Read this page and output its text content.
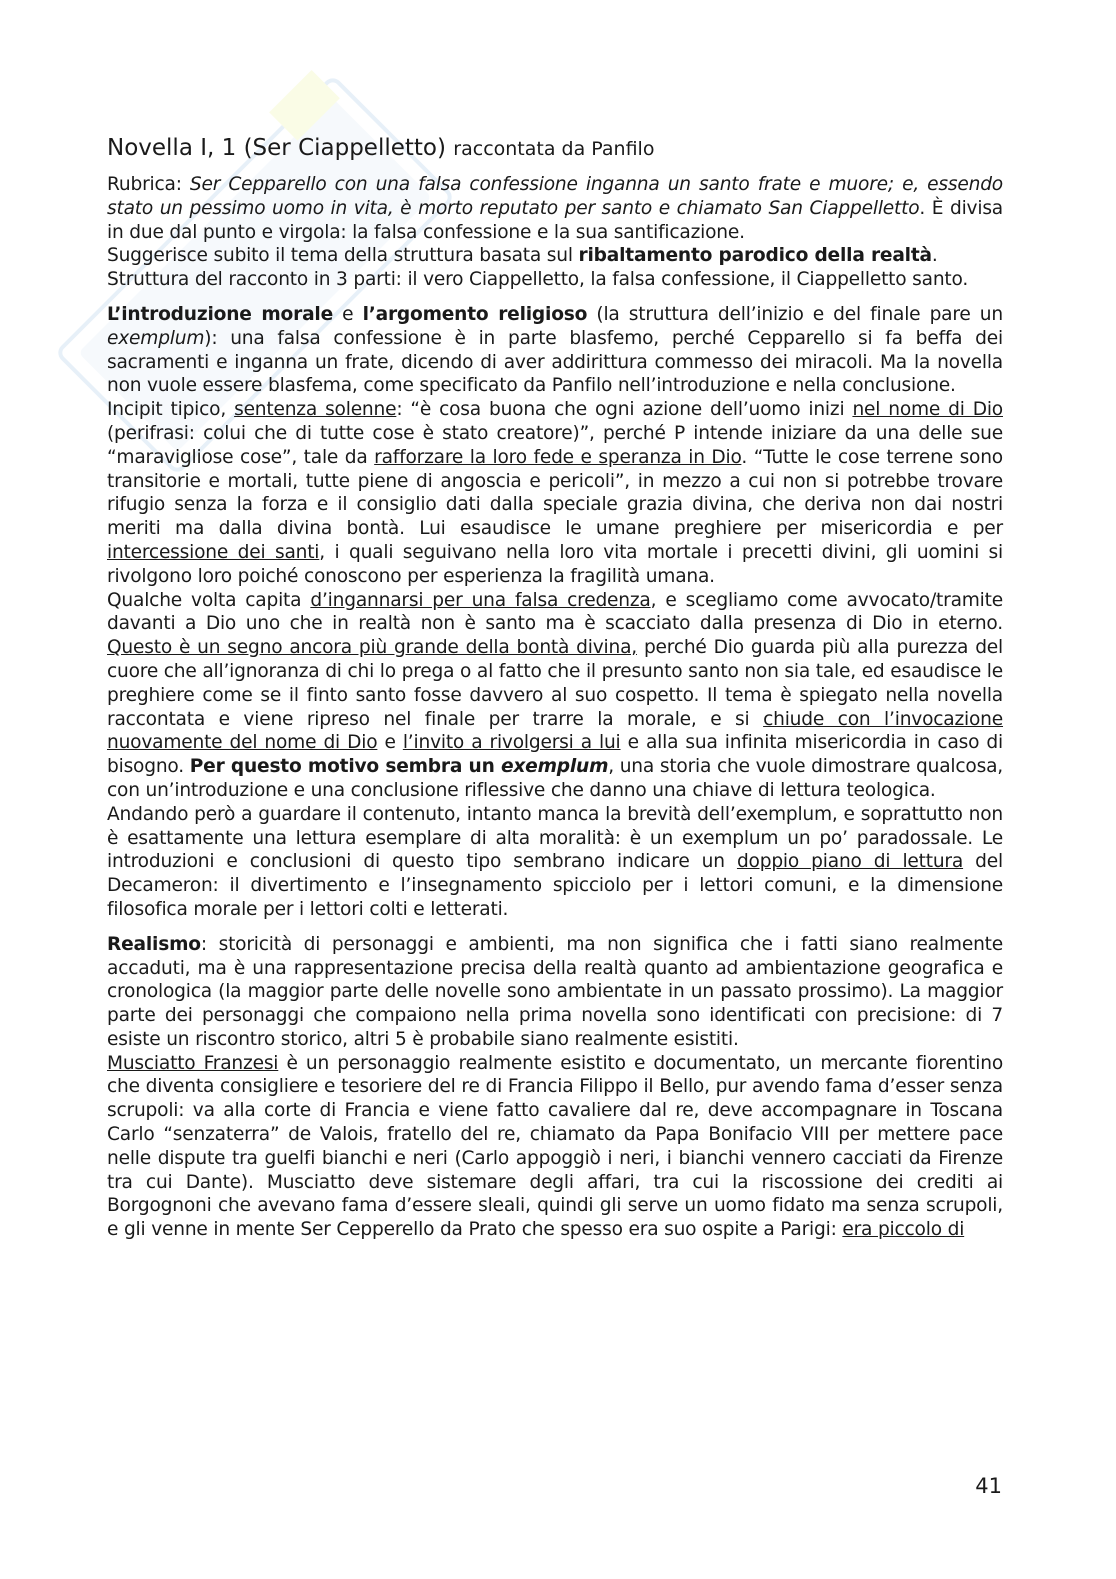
Novella I, 1 (Ser Ciappelletto) raccontata da Panfilo

Rubrica: Ser Cepparello con una falsa confessione inganna un santo frate e muore; e, essendo stato un pessimo uomo in vita, è morto reputato per santo e chiamato San Ciappelletto. È divisa in due dal punto e virgola: la falsa confessione e la sua santificazione.

Suggerisce subito il tema della struttura basata sul ribaltamento parodico della realtà.

Struttura del racconto in 3 parti: il vero Ciappelletto, la falsa confessione, il Ciappelletto santo.

L’introduzione morale e l’argomento religioso (la struttura dell’inizio e del finale pare un exemplum): una falsa confessione è in parte blasfemo, perché Cepparello si fa beffa dei sacramenti e inganna un frate, dicendo di aver addirittura commesso dei miracoli. Ma la novella non vuole essere blasfema, come specificato da Panfilo nell’introduzione e nella conclusione.

Incipit tipico, sentenza solenne: “è cosa buona che ogni azione dell’uomo inizi nel nome di Dio (perifrasi: colui che di tutte cose è stato creatore)”, perché P intende iniziare da una delle sue “maravigliose cose”, tale da rafforzare la loro fede e speranza in Dio. “Tutte le cose terrene sono transitorie e mortali, tutte piene di angoscia e pericoli”, in mezzo a cui non si potrebbe trovare rifugio senza la forza e il consiglio dati dalla speciale grazia divina, che deriva non dai nostri meriti ma dalla divina bontà. Lui esaudisce le umane preghiere per misericordia e per intercessione dei santi, i quali seguivano nella loro vita mortale i precetti divini, gli uomini si rivolgono loro poiché conoscono per esperienza la fragilità umana.

Qualche volta capita d’ingannarsi per una falsa credenza, e scegliamo come avvocato/tramite davanti a Dio uno che in realtà non è santo ma è scacciato dalla presenza di Dio in eterno. Questo è un segno ancora più grande della bontà divina, perché Dio guarda più alla purezza del cuore che all’ignoranza di chi lo prega o al fatto che il presunto santo non sia tale, ed esaudisce le preghiere come se il finto santo fosse davvero al suo cospetto. Il tema è spiegato nella novella raccontata e viene ripreso nel finale per trarre la morale, e si chiude con l’invocazione nuovamente del nome di Dio e l’invito a rivolgersi a lui e alla sua infinita misericordia in caso di bisogno. Per questo motivo sembra un exemplum, una storia che vuole dimostrare qualcosa, con un’introduzione e una conclusione riflessive che danno una chiave di lettura teologica.

Andando però a guardare il contenuto, intanto manca la brevità dell’exemplum, e soprattutto non è esattamente una lettura esemplare di alta moralità: è un exemplum un po’ paradossale. Le introduzioni e conclusioni di questo tipo sembrano indicare un doppio piano di lettura del Decameron: il divertimento e l’insegnamento spicciolo per i lettori comuni, e la dimensione filosofica morale per i lettori colti e letterati.

Realismo: storicità di personaggi e ambienti, ma non significa che i fatti siano realmente accaduti, ma è una rappresentazione precisa della realtà quanto ad ambientazione geografica e cronologica (la maggior parte delle novelle sono ambientate in un passato prossimo). La maggior parte dei personaggi che compaiono nella prima novella sono identificati con precisione: di 7 esiste un riscontro storico, altri 5 è probabile siano realmente esistiti.

Musciatto Franzesi è un personaggio realmente esistito e documentato, un mercante fiorentino che diventa consigliere e tesoriere del re di Francia Filippo il Bello, pur avendo fama d’esser senza scrupoli: va alla corte di Francia e viene fatto cavaliere dal re, deve accompagnare in Toscana Carlo “senzaterra” de Valois, fratello del re, chiamato da Papa Bonifacio VIII per mettere pace nelle dispute tra guelfi bianchi e neri (Carlo appoggiò i neri, i bianchi vennero cacciati da Firenze tra cui Dante). Musciatto deve sistemare degli affari, tra cui la riscossione dei crediti ai Borgognoni che avevano fama d’essere sleali, quindi gli serve un uomo fidato ma senza scrupoli, e gli venne in mente Ser Cepperello da Prato che spesso era suo ospite a Parigi: era piccolo di

41
